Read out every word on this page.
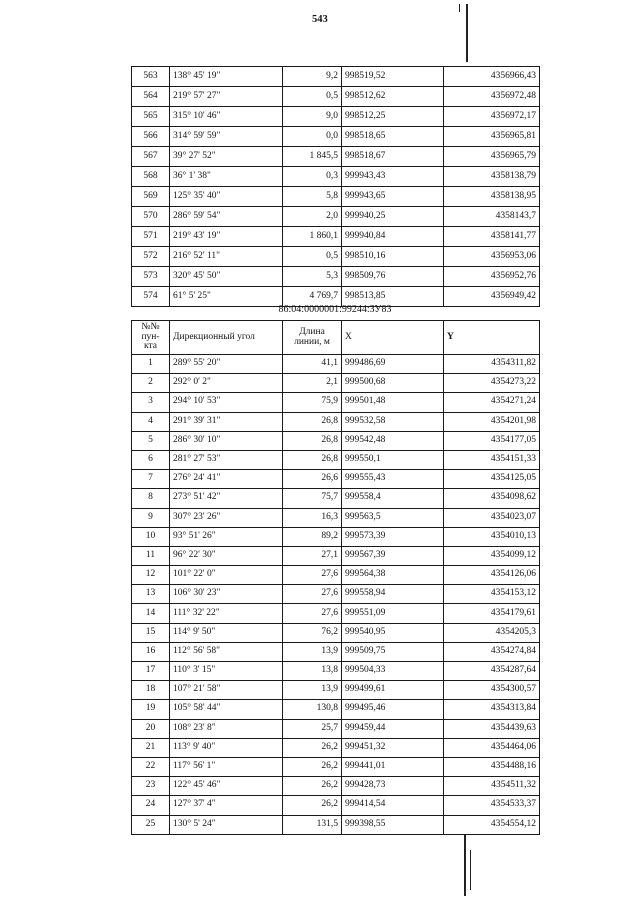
543
563	138° 45' 19"	9,2	998519,52	4356966,43
564	219° 57' 27"	0,5	998512,62	4356972,48
565	315° 10' 46"	9,0	998512,25	4356972,17
566	314° 59' 59"	0,0	998518,65	4356965,81
567	39° 27' 52"	1 845,5	998518,67	4356965,79
568	36° 1' 38"	0,3	999943,43	4358138,79
569	125° 35' 40"	5,8	999943,65	4358138,95
570	286° 59' 54"	2,0	999940,25	4358143,7
571	219° 43' 19"	1 860,1	999940,84	4358141,77
572	216° 52' 11"	0,5	998510,16	4356953,06
573	320° 45' 50"	5,3	998509,76	4356952,76
574	61° 5' 25"	4 769,7	998513,85	4356949,42
86:04:0000001:99244:ЗУ83
№№ пун-кта	Дирекционный угол	Длина линии, м	X	Y
1	289° 55' 20"	41,1	999486,69	4354311,82
2	292° 0' 2"	2,1	999500,68	4354273,22
3	294° 10' 53"	75,9	999501,48	4354271,24
4	291° 39' 31"	26,8	999532,58	4354201,98
5	286° 30' 10"	26,8	999542,48	4354177,05
6	281° 27' 53"	26,8	999550,1	4354151,33
7	276° 24' 41"	26,6	999555,43	4354125,05
8	273° 51' 42"	75,7	999558,4	4354098,62
9	307° 23' 26"	16,3	999563,5	4354023,07
10	93° 51' 26"	89,2	999573,39	4354010,13
11	96° 22' 30"	27,1	999567,39	4354099,12
12	101° 22' 0"	27,6	999564,38	4354126,06
13	106° 30' 23"	27,6	999558,94	4354153,12
14	111° 32' 22"	27,6	999551,09	4354179,61
15	114° 9' 50"	76,2	999540,95	4354205,3
16	112° 56' 58"	13,9	999509,75	4354274,84
17	110° 3' 15"	13,8	999504,33	4354287,64
18	107° 21' 58"	13,9	999499,61	4354300,57
19	105° 58' 44"	130,8	999495,46	4354313,84
20	108° 23' 8"	25,7	999459,44	4354439,63
21	113° 9' 40"	26,2	999451,32	4354464,06
22	117° 56' 1"	26,2	999441,01	4354488,16
23	122° 45' 46"	26,2	999428,73	4354511,32
24	127° 37' 4"	26,2	999414,54	4354533,37
25	130° 5' 24"	131,5	999398,55	4354554,12
